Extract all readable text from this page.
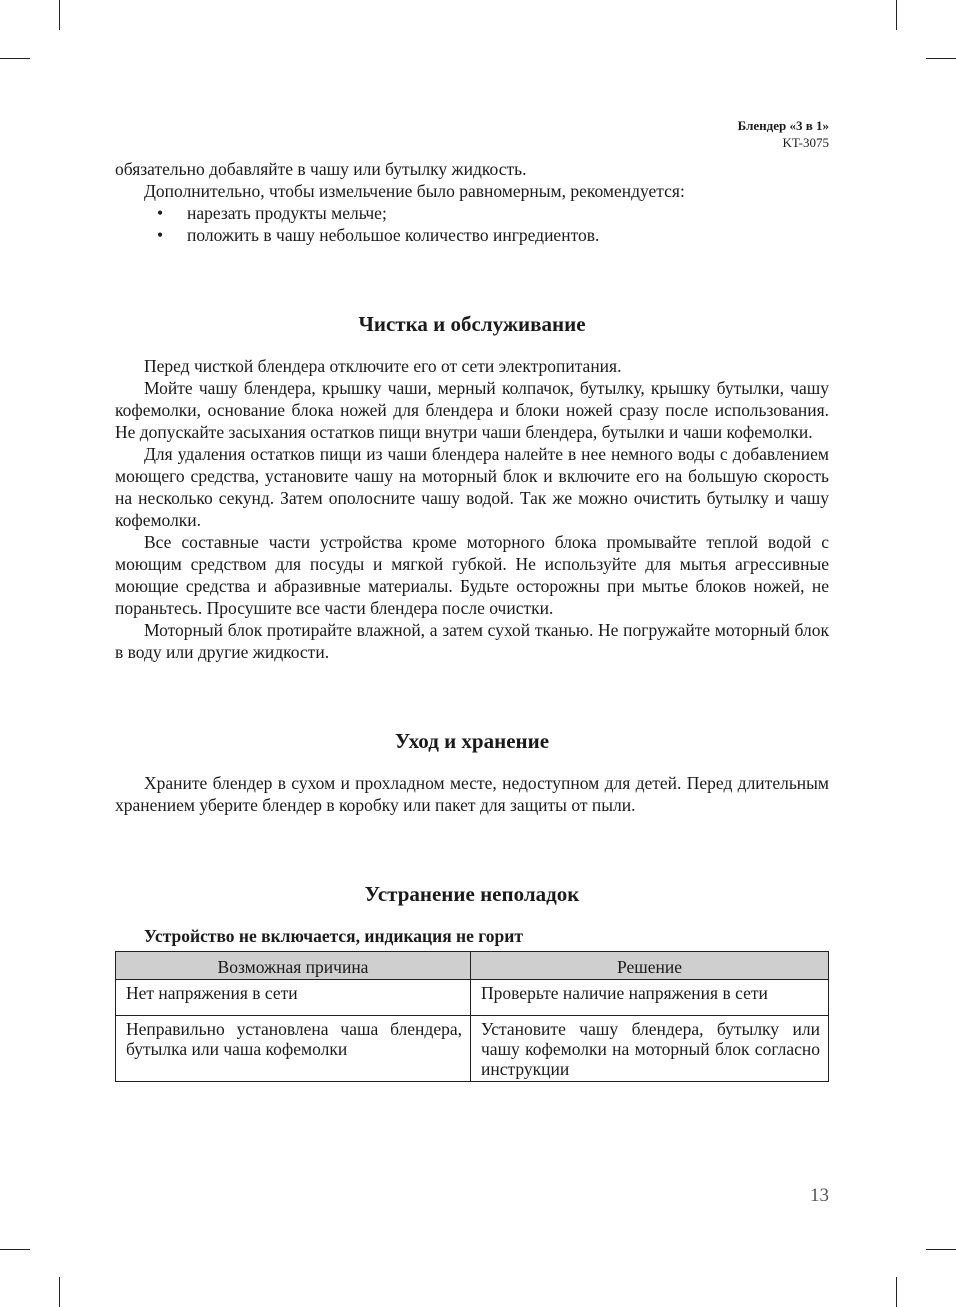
Блендер «3 в 1»
KT-3075

обязательно добавляйте в чашу или бутылку жидкость.

Дополнительно, чтобы измельчение было равномерным, рекомендуется:

• нарезать продукты мельче;
• положить в чашу небольшое количество ингредиентов.
Чистка и обслуживание

Перед чисткой блендера отключите его от сети электропитания.

Мойте чашу блендера, крышку чаши, мерный колпачок, бутылку, крышку бутылки, чашу кофемолки, основание блока ножей для блендера и блоки ножей сразу после использования. Не допускайте засыхания остатков пищи внутри чаши блендера, бутылки и чаши кофемолки.

Для удаления остатков пищи из чаши блендера налейте в нее немного воды с добавлением моющего средства, установите чашу на моторный блок и включите его на большую скорость на несколько секунд. Затем ополосните чашу водой. Так же можно очистить бутылку и чашу кофемолки.

Все составные части устройства кроме моторного блока промывайте теплой водой с моющим средством для посуды и мягкой губкой. Не используйте для мытья агрессивные моющие средства и абразивные материалы. Будьте осторожны при мытье блоков ножей, не пораньтесь. Просушите все части блендера после очистки.

Моторный блок протирайте влажной, а затем сухой тканью. Не погружайте моторный блок в воду или другие жидкости.

Уход и хранение

Храните блендер в сухом и прохладном месте, недоступном для детей. Перед длительным хранением уберите блендер в коробку или пакет для защиты от пыли.

Устранение неполадок

Устройство не включается, индикация не горит

Возможная причина	Решение
Нет напряжения в сети	Проверьте наличие напряжения в сети
Неправильно установлена чаша блендера, бутылка или чаша кофемолки	Установите чашу блендера, бутылку или чашу кофемолки на моторный блок согласно инструкции
13
